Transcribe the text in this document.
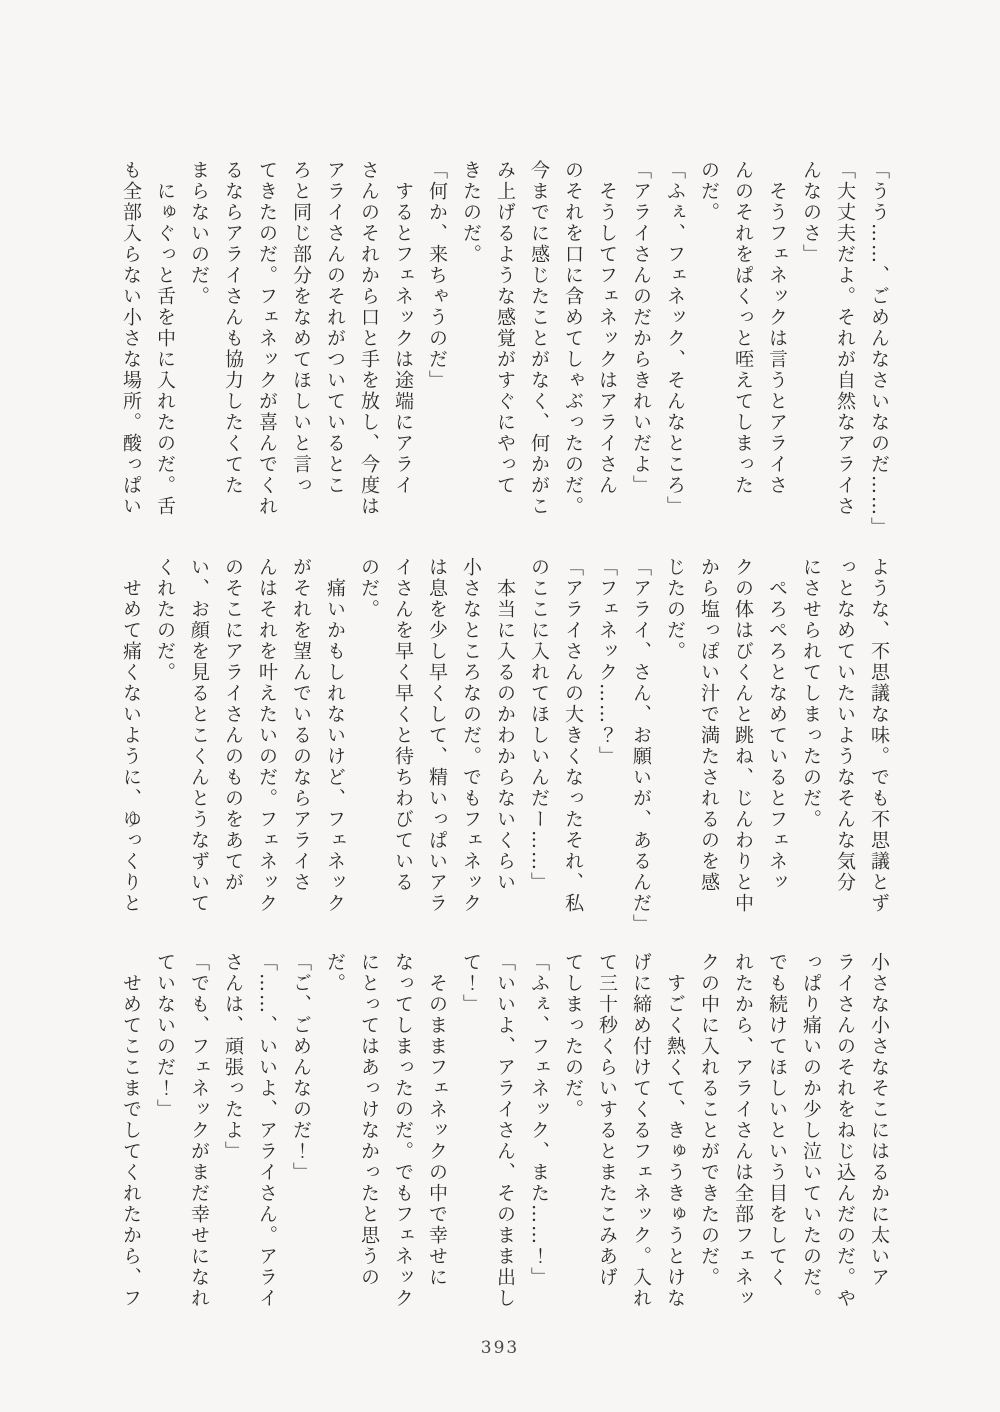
「うう……、ごめんなさいなのだ……」
「大丈夫だよ。それが自然なアライさ
んなのさ」
そうフェネックは言うとアライさ
んのそれをぱくっと咥えてしまった
のだ。
「ふぇ、フェネック、そんなところ」
「アライさんのだからきれいだよ」
そうしてフェネックはアライさん
のそれを口に含めてしゃぶったのだ。
今までに感じたことがなく、何かがこ
み上げるような感覚がすぐにやって
きたのだ。
「何か、来ちゃうのだ」
するとフェネックは途端にアライ
さんのそれから口と手を放し、今度は
アライさんのそれがついているとこ
ろと同じ部分をなめてほしいと言っ
てきたのだ。フェネックが喜んでくれ
るならアライさんも協力したくてた
まらないのだ。
にゅぐっと舌を中に入れたのだ。舌
も全部入らない小さな場所。酸っぱい
ような、不思議な味。でも不思議とず
っとなめていたいようなそんな気分
にさせられてしまったのだ。
ぺろぺろとなめているとフェネッ
クの体はびくんと跳ね、じんわりと中
から塩っぽい汁で満たされるのを感
じたのだ。
「アライ、さん、お願いが、あるんだ」
「フェネック……？」
「アライさんの大きくなったそれ、私
のここに入れてほしいんだー……」
本当に入るのかわからないくらい
小さなところなのだ。でもフェネック
は息を少し早くして、精いっぱいアラ
イさんを早く早くと待ちわびている
のだ。
痛いかもしれないけど、フェネック
がそれを望んでいるのならアライさ
んはそれを叶えたいのだ。フェネック
のそこにアライさんのものをあてが
い、お顔を見るとこくんとうなずいて
くれたのだ。
せめて痛くないように、ゆっくりと
小さな小さなそこにはるかに太いア
ライさんのそれをねじ込んだのだ。や
っぱり痛いのか少し泣いていたのだ。
でも続けてほしいという目をしてく
れたから、アライさんは全部フェネッ
クの中に入れることができたのだ。
すごく熱くて、きゅうきゅうとけな
げに締め付けてくるフェネック。入れ
て三十秒くらいするとまたこみあげ
てしまったのだ。
「ふぇ、フェネック、また……！」
「いいよ、アライさん、そのまま出し
て！」
そのままフェネックの中で幸せに
なってしまったのだ。でもフェネック
にとってはあっけなかったと思うの
だ。
「ご、ごめんなのだ！」
「……、いいよ、アライさん。アライ
さんは、頑張ったよ」
「でも、フェネックがまだ幸せになれ
ていないのだ！」
せめてここまでしてくれたから、フ
393
